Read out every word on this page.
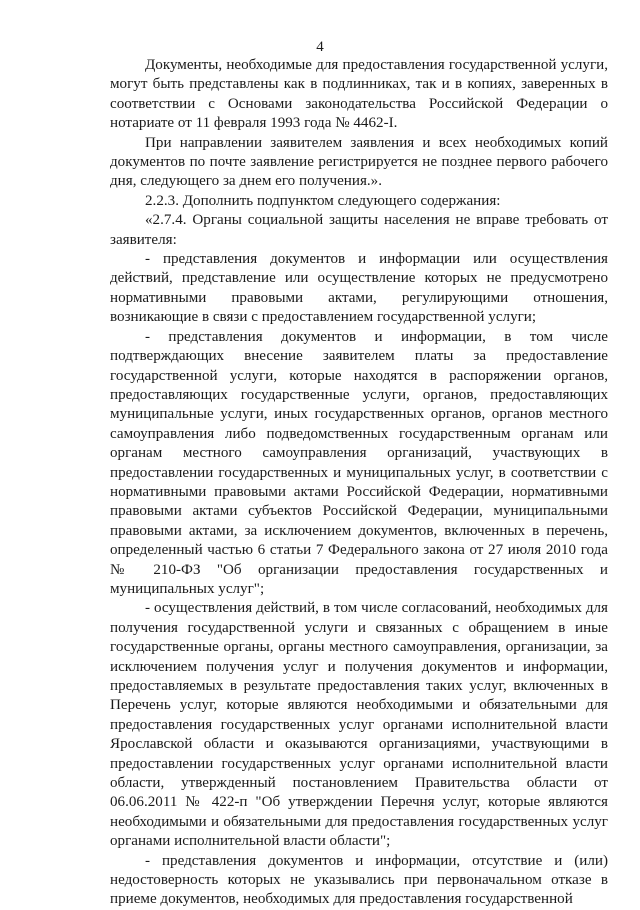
4

Документы, необходимые для предоставления государственной услуги, могут быть представлены как в подлинниках, так и в копиях, заверенных в соответствии с Основами законодательства Российской Федерации о нотариате от 11 февраля 1993 года № 4462-I.

При направлении заявителем заявления и всех необходимых копий документов по почте заявление регистрируется не позднее первого рабочего дня, следующего за днем его получения.».

2.2.3. Дополнить подпунктом следующего содержания:

«2.7.4. Органы социальной защиты населения не вправе требовать от заявителя:

- представления документов и информации или осуществления действий, представление или осуществление которых не предусмотрено нормативными правовыми актами, регулирующими отношения, возникающие в связи с предоставлением государственной услуги;

- представления документов и информации, в том числе подтверждающих внесение заявителем платы за предоставление государственной услуги, которые находятся в распоряжении органов, предоставляющих государственные услуги, органов, предоставляющих муниципальные услуги, иных государственных органов, органов местного самоуправления либо подведомственных государственным органам или органам местного самоуправления организаций, участвующих в предоставлении государственных и муниципальных услуг, в соответствии с нормативными правовыми актами Российской Федерации, нормативными правовыми актами субъектов Российской Федерации, муниципальными правовыми актами, за исключением документов, включенных в перечень, определенный частью 6 статьи 7 Федерального закона от 27 июля 2010 года № 210-ФЗ "Об организации предоставления государственных и муниципальных услуг";

- осуществления действий, в том числе согласований, необходимых для получения государственной услуги и связанных с обращением в иные государственные органы, органы местного самоуправления, организации, за исключением получения услуг и получения документов и информации, предоставляемых в результате предоставления таких услуг, включенных в Перечень услуг, которые являются необходимыми и обязательными для предоставления государственных услуг органами исполнительной власти Ярославской области и оказываются организациями, участвующими в предоставлении государственных услуг органами исполнительной власти области, утвержденный постановлением Правительства области от 06.06.2011 № 422-п "Об утверждении Перечня услуг, которые являются необходимыми и обязательными для предоставления государственных услуг органами исполнительной власти области";

- представления документов и информации, отсутствие и (или) недостоверность которых не указывались при первоначальном отказе в приеме документов, необходимых для предоставления государственной
